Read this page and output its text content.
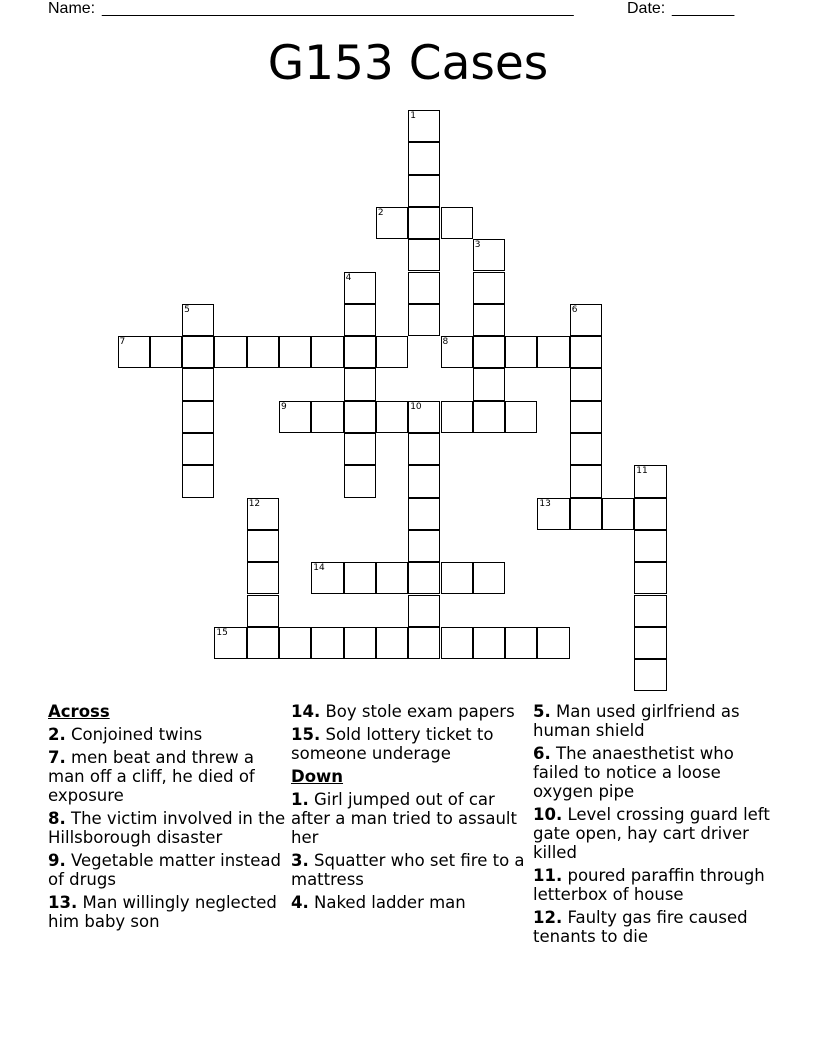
Name: _____________________________________________________	Date: _______
G153 Cases
1
2
3
4
5	6
7	8
9	10
11
12	13
14
15
Across
2. Conjoined twins
7. men beat and threw a man off a cliff, he died of exposure
8. The victim involved in the Hillsborough disaster
9. Vegetable matter instead of drugs
13. Man willingly neglected him baby son
14. Boy stole exam papers
15. Sold lottery ticket to someone underage
Down
1. Girl jumped out of car after a man tried to assault her
3. Squatter who set fire to a mattress
4. Naked ladder man
5. Man used girlfriend as human shield
6. The anaesthetist who failed to notice a loose oxygen pipe
10. Level crossing guard left gate open, hay cart driver killed
11. poured paraffin through letterbox of house
12. Faulty gas fire caused tenants to die
